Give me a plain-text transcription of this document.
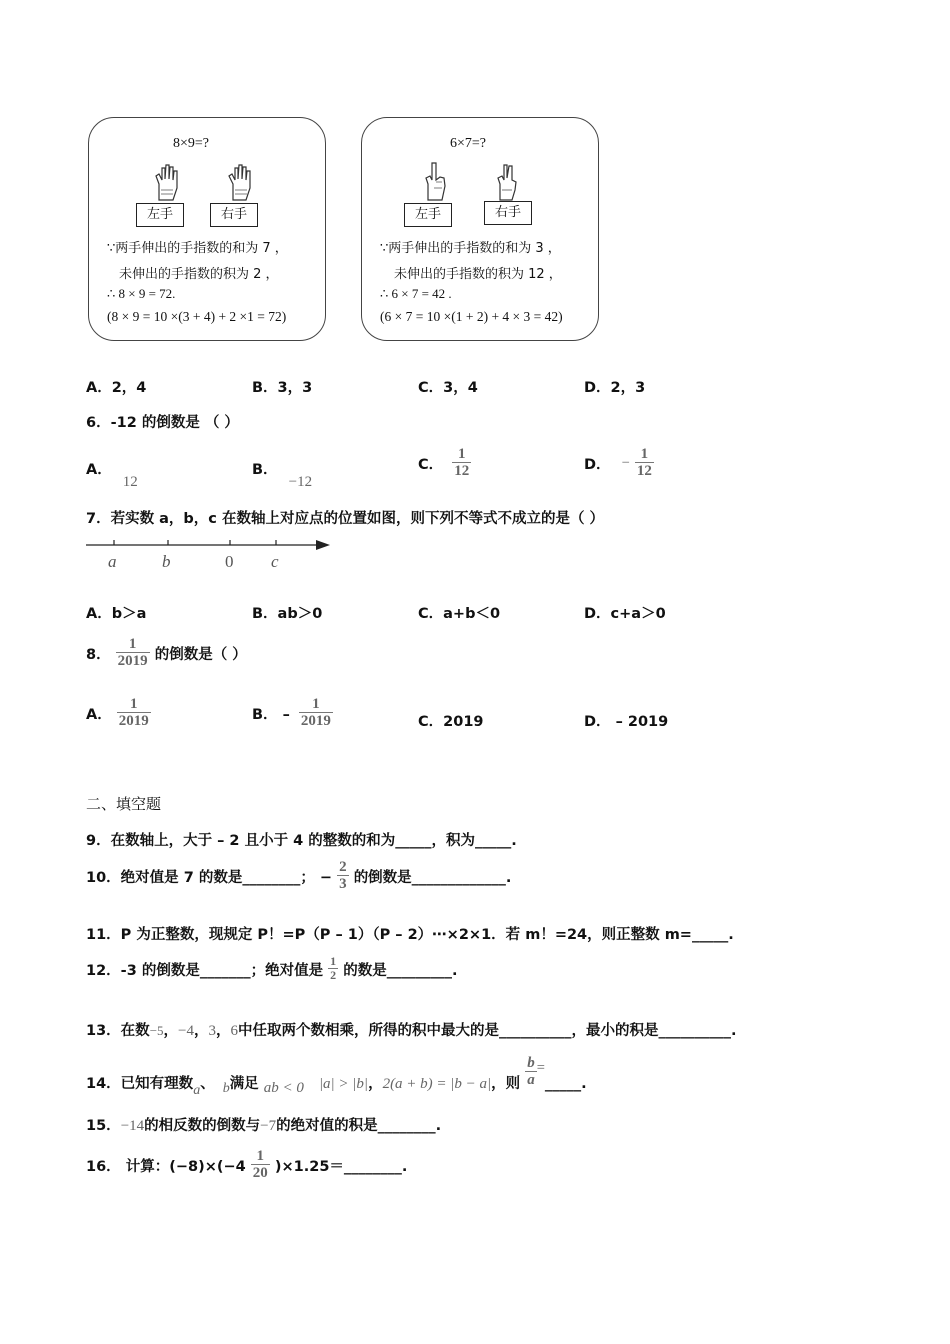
8×9=?
左手	右手
∵两手伸出的手指数的和为 7 ，
未伸出的手指数的积为 2 ，
∴ 8 × 9 = 72.
(8 × 9 = 10 ×(3 + 4) + 2 ×1 = 72)
6×7=?
左手	右手
∵两手伸出的手指数的和为 3 ，
未伸出的手指数的积为 12 ，
∴ 6 × 7 = 42 .
(6 × 7 = 10 ×(1 + 2) + 4 × 3 = 42)
A．2，4	B．3，3	C．3，4	D．2，3
6．-12 的倒数是 （ ）
A． 12
B． −12
C． $\frac{1}{12}$	D． − $\frac{1}{12}$
7．若实数 a，b，c 在数轴上对应点的位置如图，则下列不等式不成立的是（ ）
a	b	0 c
A．b＞a	B．ab＞0	C．a+b＜0	D．c+a＞0
8． $\frac{1}{2019}$ 的倒数是（ ）
A． $\frac{1}{2019}$	B． – $\frac{1}{2019}$	C．2019	D． – 2019
二、填空题
9．在数轴上，大于 – 2 且小于 4 的整数的和为_____，积为_____.
10．绝对值是 7 的数是________； − $\frac{2}{3}$ 的倒数是_____________.
11．P 为正整数，现规定 P！=P（P – 1）（P – 2）⋯×2×1．若 m！=24，则正整数 m=_____.
12．-3 的倒数是_______；绝对值是 $\frac{1}{2}$ 的数是_________.
13．在数−5，−4，3，6中任取两个数相乘，所得的积中最大的是__________，最小的积是__________.
14．已知有理数a、 b满足 ab < 0 |a| > |b|，2(a + b) = |b − a|，则 $\frac{b}{a}$ =_____.
15．−14的相反数的倒数与−7的绝对值的积是________.
16． 计算：$(-8)\times(-4 \frac{1}{20}$ )×1.25＝________.
